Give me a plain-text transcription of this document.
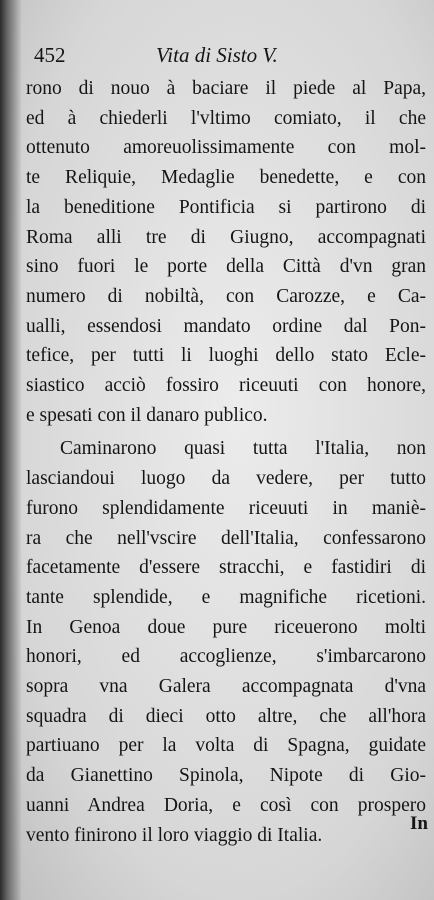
452	Vita di Sisto V.
rono di nouo à baciare il piede al Papa,
ed à chiederli l'vltimo comiato, il che
ottenuto amoreuolissimamente con mol-
te Reliquie, Medaglie benedette, e con
la beneditione Pontificia si partirono di
Roma alli tre di Giugno, accompagnati
sino fuori le porte della Città d'vn gran
numero di nobiltà, con Carozze, e Ca-
ualli, essendosi mandato ordine dal Pon-
tefice, per tutti li luoghi dello stato Ecle-
siastico acciò fossiro riceuuti con honore,
e spesati con il danaro publico.
Caminarono quasi tutta l'Italia, non
lasciandoui luogo da vedere, per tutto
furono splendidamente riceuuti in maniè-
ra che nell'vscire dell'Italia, confessarono
facetamente d'essere stracchi, e fastidiri di
tante splendide, e magnifiche ricetioni.
In Genoa doue pure riceuerono molti
honori, ed accoglienze, s'imbarcarono
sopra vna Galera accompagnata d'vna
squadra di dieci otto altre, che all'hora
partiuano per la volta di Spagna, guidate
da Gianettino Spinola, Nipote di Gio-
uanni Andrea Doria, e così con prospero
vento finirono il loro viaggio di Italia.
In
